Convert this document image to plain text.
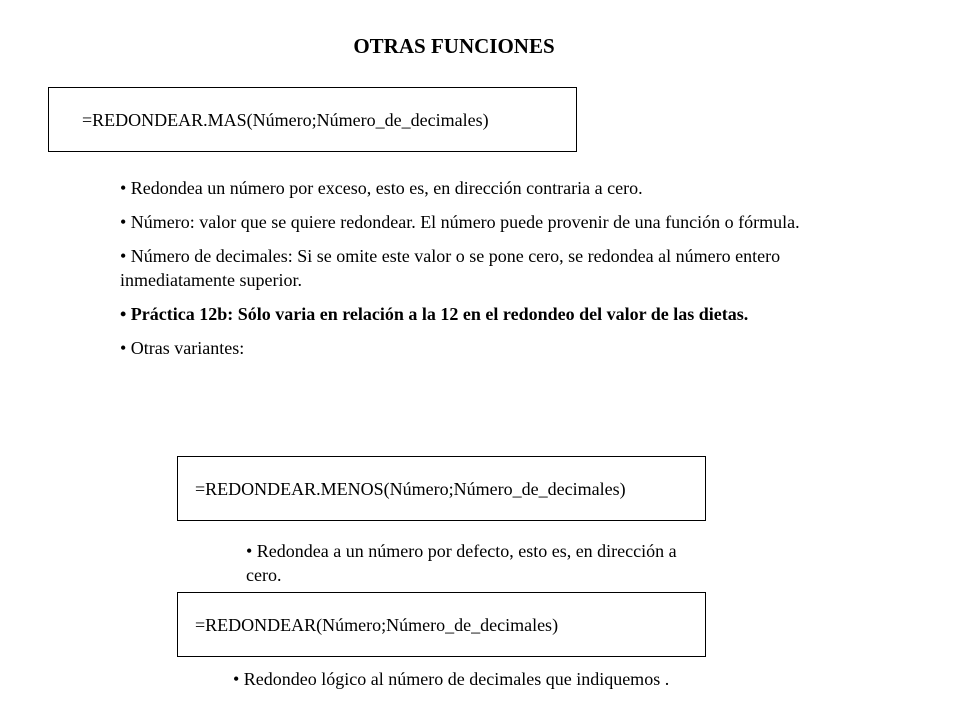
OTRAS FUNCIONES
=REDONDEAR.MAS(Número;Número_de_decimales)

• Redondea un número por exceso, esto es, en dirección contraria a cero.

• Número: valor que se quiere redondear. El número puede provenir de una función o fórmula.

• Número de decimales: Si se omite este valor o se pone cero, se redondea al número entero inmediatamente superior.

• Práctica 12b: Sólo varia en relación a la 12 en el redondeo del valor de las dietas.

• Otras variantes:

=REDONDEAR.MENOS(Número;Número_de_decimales)

• Redondea a un número por defecto, esto es, en dirección a cero.

=REDONDEAR(Número;Número_de_decimales)

• Redondeo lógico al número de decimales que indiquemos .
